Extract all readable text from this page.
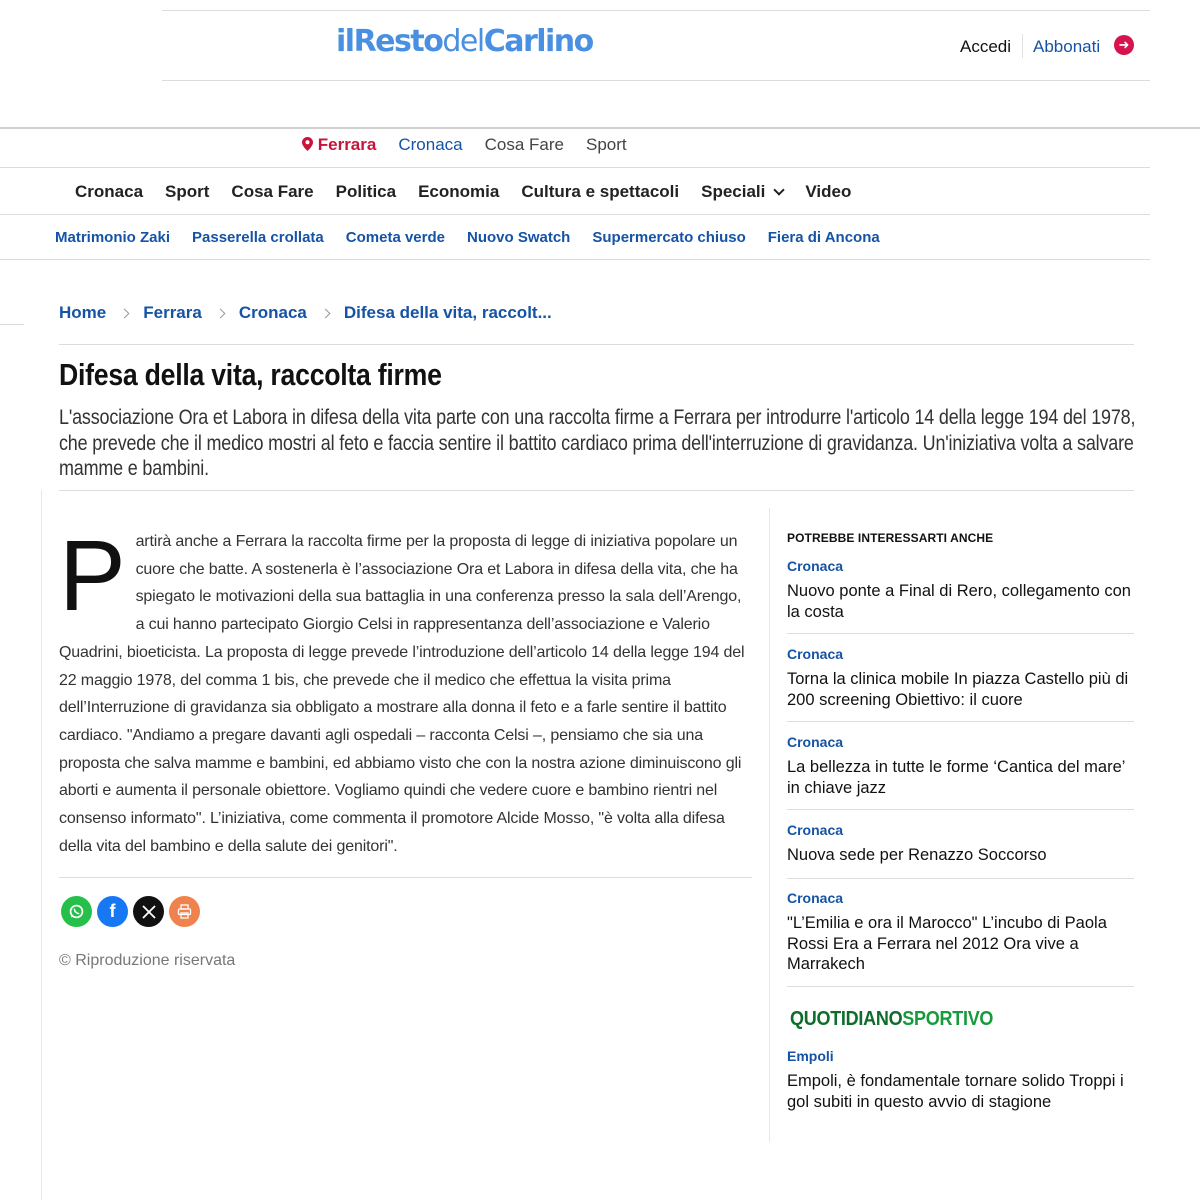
ilRestodelCarlino	Accedi Abbonati	➜
Ferrara Cronaca Cosa Fare Sport
Cronaca Sport Cosa Fare Politica Economia Cultura e spettacoli Speciali Video
Matrimonio Zaki Passerella crollata Cometa verde Nuovo Swatch Supermercato chiuso Fiera di Ancona
Home Ferrara Cronaca Difesa della vita, raccolt...
Difesa della vita, raccolta firme

L'associazione Ora et Labora in difesa della vita parte con una raccolta firme a Ferrara per introdurre l'articolo 14 della legge 194 del 1978, che prevede che il medico mostri al feto e faccia sentire il battito cardiaco prima dell'interruzione di gravidanza. Un'iniziativa volta a salvare mamme e bambini.

P artirà anche a Ferrara la raccolta firme per la proposta di legge di iniziativa popolare un cuore che batte. A sostenerla è l’associazione Ora et Labora in difesa della vita, che ha spiegato le motivazioni della sua battaglia in una conferenza presso la sala dell’Arengo, a cui hanno partecipato Giorgio Celsi in rappresentanza dell’associazione e Valerio Quadrini, bioeticista. La proposta di legge prevede l’introduzione dell’articolo 14 della legge 194 del 22 maggio 1978, del comma 1 bis, che prevede che il medico che effettua la visita prima dell’Interruzione di gravidanza sia obbligato a mostrare alla donna il feto e a farle sentire il battito cardiaco. "Andiamo a pregare davanti agli ospedali – racconta Celsi –, pensiamo che sia una proposta che salva mamme e bambini, ed abbiamo visto che con la nostra azione diminuiscono gli aborti e aumenta il personale obiettore. Vogliamo quindi che vedere cuore e bambino rientri nel consenso informato". L’iniziativa, come commenta il promotore Alcide Mosso, "è volta alla difesa della vita del bambino e della salute dei genitori".
f
© Riproduzione riservata
POTREBBE INTERESSARTI ANCHE
Cronaca
Nuovo ponte a Final di Rero, collegamento con la costa
Cronaca
Torna la clinica mobile In piazza Castello più di 200 screening Obiettivo: il cuore
Cronaca
La bellezza in tutte le forme ‘Cantica del mare’ in chiave jazz
Cronaca
Nuova sede per Renazzo Soccorso
Cronaca
"L’Emilia e ora il Marocco" L’incubo di Paola Rossi Era a Ferrara nel 2012 Ora vive a Marrakech
QUOTIDIANOSPORTIVO
Empoli
Empoli, è fondamentale tornare solido Troppi i gol subiti in questo avvio di stagione
